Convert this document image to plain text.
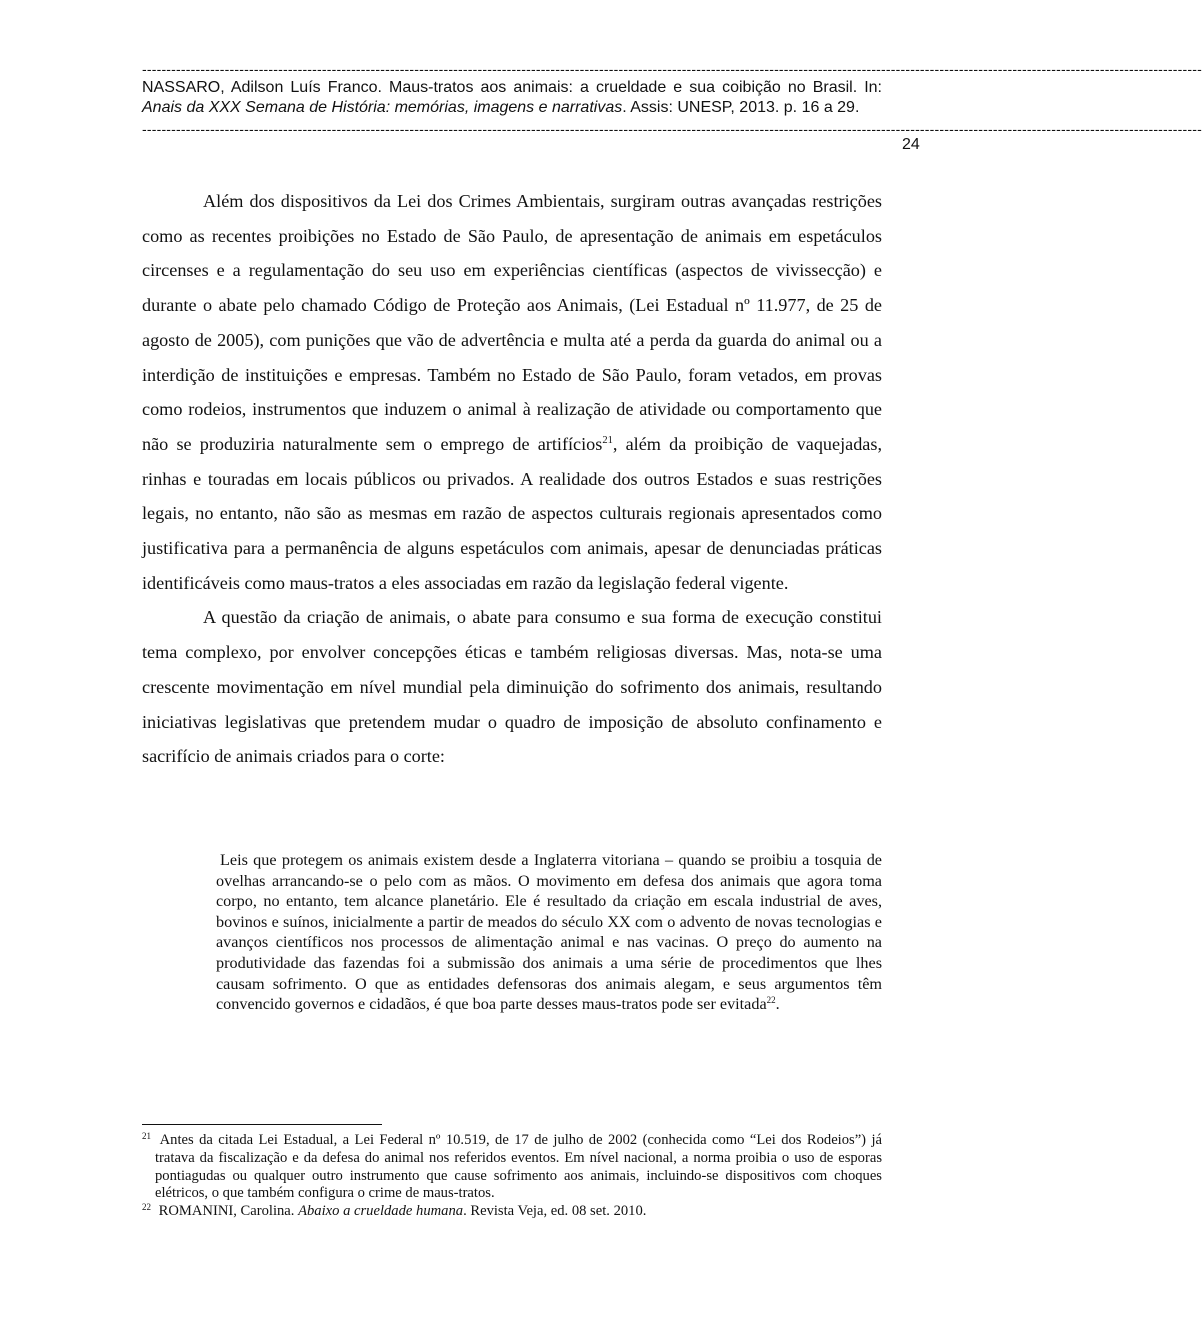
--------------------------------------------------------------------------------------------------------------------------------------------------------------------------------------------------------------------------
NASSARO, Adilson Luís Franco. Maus-tratos aos animais: a crueldade e sua coibição no Brasil. In: Anais da XXX Semana de História: memórias, imagens e narrativas. Assis: UNESP, 2013. p. 16 a 29.
--------------------------------------------------------------------------------------------------------------------------------------------------------------------------------------------------------------------------

Além dos dispositivos da Lei dos Crimes Ambientais, surgiram outras avançadas restrições como as recentes proibições no Estado de São Paulo, de apresentação de animais em espetáculos circenses e a regulamentação do seu uso em experiências científicas (aspectos de vivissecção) e durante o abate pelo chamado Código de Proteção aos Animais, (Lei Estadual nº 11.977, de 25 de agosto de 2005), com punições que vão de advertência e multa até a perda da guarda do animal ou a interdição de instituições e empresas. Também no Estado de São Paulo, foram vetados, em provas como rodeios, instrumentos que induzem o animal à realização de atividade ou comportamento que não se produziria naturalmente sem o emprego de artifícios$^{21}$, além da proibição de vaquejadas, rinhas e touradas em locais públicos ou privados. A realidade dos outros Estados e suas restrições legais, no entanto, não são as mesmas em razão de aspectos culturais regionais apresentados como justificativa para a permanência de alguns espetáculos com animais, apesar de denunciadas práticas identificáveis como maus-tratos a eles associadas em razão da legislação federal vigente.

A questão da criação de animais, o abate para consumo e sua forma de execução constitui tema complexo, por envolver concepções éticas e também religiosas diversas. Mas, nota-se uma crescente movimentação em nível mundial pela diminuição do sofrimento dos animais, resultando iniciativas legislativas que pretendem mudar o quadro de imposição de absoluto confinamento e sacrifício de animais criados para o corte:

Leis que protegem os animais existem desde a Inglaterra vitoriana – quando se proibiu a tosquia de ovelhas arrancando-se o pelo com as mãos. O movimento em defesa dos animais que agora toma corpo, no entanto, tem alcance planetário. Ele é resultado da criação em escala industrial de aves, bovinos e suínos, inicialmente a partir de meados do século XX com o advento de novas tecnologias e avanços científicos nos processos de alimentação animal e nas vacinas. O preço do aumento na produtividade das fazendas foi a submissão dos animais a uma série de procedimentos que lhes causam sofrimento. O que as entidades defensoras dos animais alegam, e seus argumentos têm convencido governos e cidadãos, é que boa parte desses maus-tratos pode ser evitada$^{22}$.

$^{21}$ Antes da citada Lei Estadual, a Lei Federal nº 10.519, de 17 de julho de 2002 (conhecida como “Lei dos Rodeios”) já tratava da fiscalização e da defesa do animal nos referidos eventos. Em nível nacional, a norma proibia o uso de esporas pontiagudas ou qualquer outro instrumento que cause sofrimento aos animais, incluindo-se dispositivos com choques elétricos, o que também configura o crime de maus-tratos.

$^{22}$ ROMANINI, Carolina. Abaixo a crueldade humana. Revista Veja, ed. 08 set. 2010.

24
